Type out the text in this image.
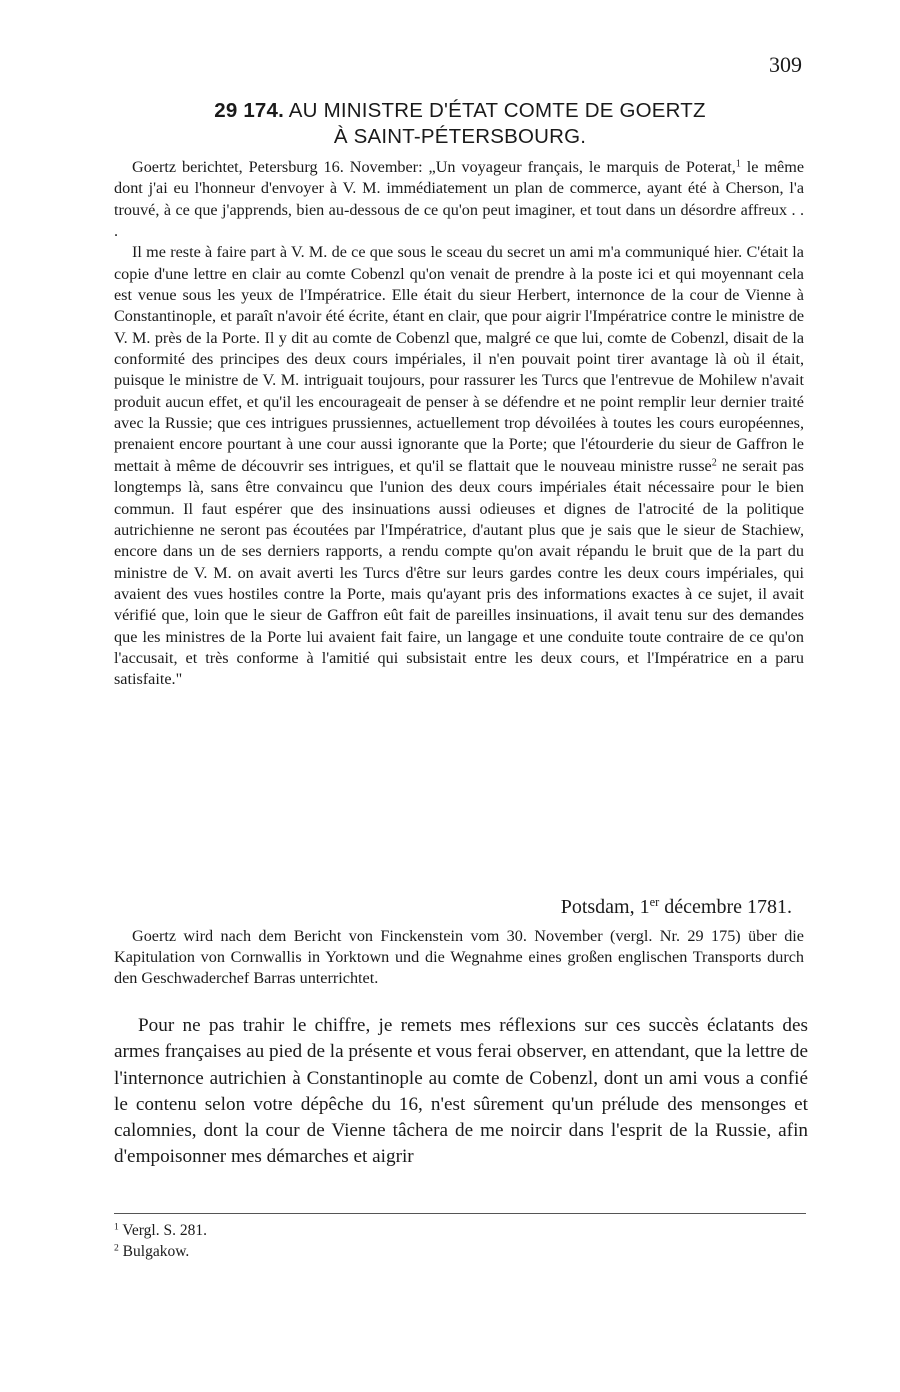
309
29 174. AU MINISTRE D'ÉTAT COMTE DE GOERTZ
À SAINT-PÉTERSBOURG.

Goertz berichtet, Petersburg 16. November: „Un voyageur français, le marquis de Poterat,$^1$ le même dont j'ai eu l'honneur d'envoyer à V. M. immédiatement un plan de commerce, ayant été à Cherson, l'a trouvé, à ce que j'apprends, bien au-dessous de ce qu'on peut imaginer, et tout dans un désordre affreux . . .

Il me reste à faire part à V. M. de ce que sous le sceau du secret un ami m'a communiqué hier. C'était la copie d'une lettre en clair au comte Cobenzl qu'on venait de prendre à la poste ici et qui moyennant cela est venue sous les yeux de l'Impératrice. Elle était du sieur Herbert, internonce de la cour de Vienne à Constantinople, et paraît n'avoir été écrite, étant en clair, que pour aigrir l'Impératrice contre le ministre de V. M. près de la Porte. Il y dit au comte de Cobenzl que, malgré ce que lui, comte de Cobenzl, disait de la conformité des principes des deux cours impériales, il n'en pouvait point tirer avantage là où il était, puisque le ministre de V. M. intriguait toujours, pour rassurer les Turcs que l'entrevue de Mohilew n'avait produit aucun effet, et qu'il les encourageait de penser à se défendre et ne point remplir leur dernier traité avec la Russie; que ces intrigues prussiennes, actuellement trop dévoilées à toutes les cours européennes, prenaient encore pourtant à une cour aussi ignorante que la Porte; que l'étourderie du sieur de Gaffron le mettait à même de découvrir ses intrigues, et qu'il se flattait que le nouveau ministre russe$^2$ ne serait pas longtemps là, sans être convaincu que l'union des deux cours impériales était nécessaire pour le bien commun. Il faut espérer que des insinuations aussi odieuses et dignes de l'atrocité de la politique autrichienne ne seront pas écoutées par l'Impératrice, d'autant plus que je sais que le sieur de Stachiew, encore dans un de ses derniers rapports, a rendu compte qu'on avait répandu le bruit que de la part du ministre de V. M. on avait averti les Turcs d'être sur leurs gardes contre les deux cours impériales, qui avaient des vues hostiles contre la Porte, mais qu'ayant pris des informations exactes à ce sujet, il avait vérifié que, loin que le sieur de Gaffron eût fait de pareilles insinuations, il avait tenu sur des demandes que les ministres de la Porte lui avaient fait faire, un langage et une conduite toute contraire de ce qu'on l'accusait, et très conforme à l'amitié qui subsistait entre les deux cours, et l'Impératrice en a paru satisfaite."

Potsdam, 1er décembre 1781.
Goertz wird nach dem Bericht von Finckenstein vom 30. November (vergl. Nr. 29 175) über die Kapitulation von Cornwallis in Yorktown und die Wegnahme eines großen englischen Transports durch den Geschwaderchef Barras unterrichtet.
Pour ne pas trahir le chiffre, je remets mes réflexions sur ces succès éclatants des armes françaises au pied de la présente et vous ferai observer, en attendant, que la lettre de l'internonce autrichien à Constantinople au comte de Cobenzl, dont un ami vous a confié le contenu selon votre dépêche du 16, n'est sûrement qu'un prélude des mensonges et calomnies, dont la cour de Vienne tâchera de me noircir dans l'esprit de la Russie, afin d'empoisonner mes démarches et aigrir

$^1$ Vergl. S. 281.

$^2$ Bulgakow.
